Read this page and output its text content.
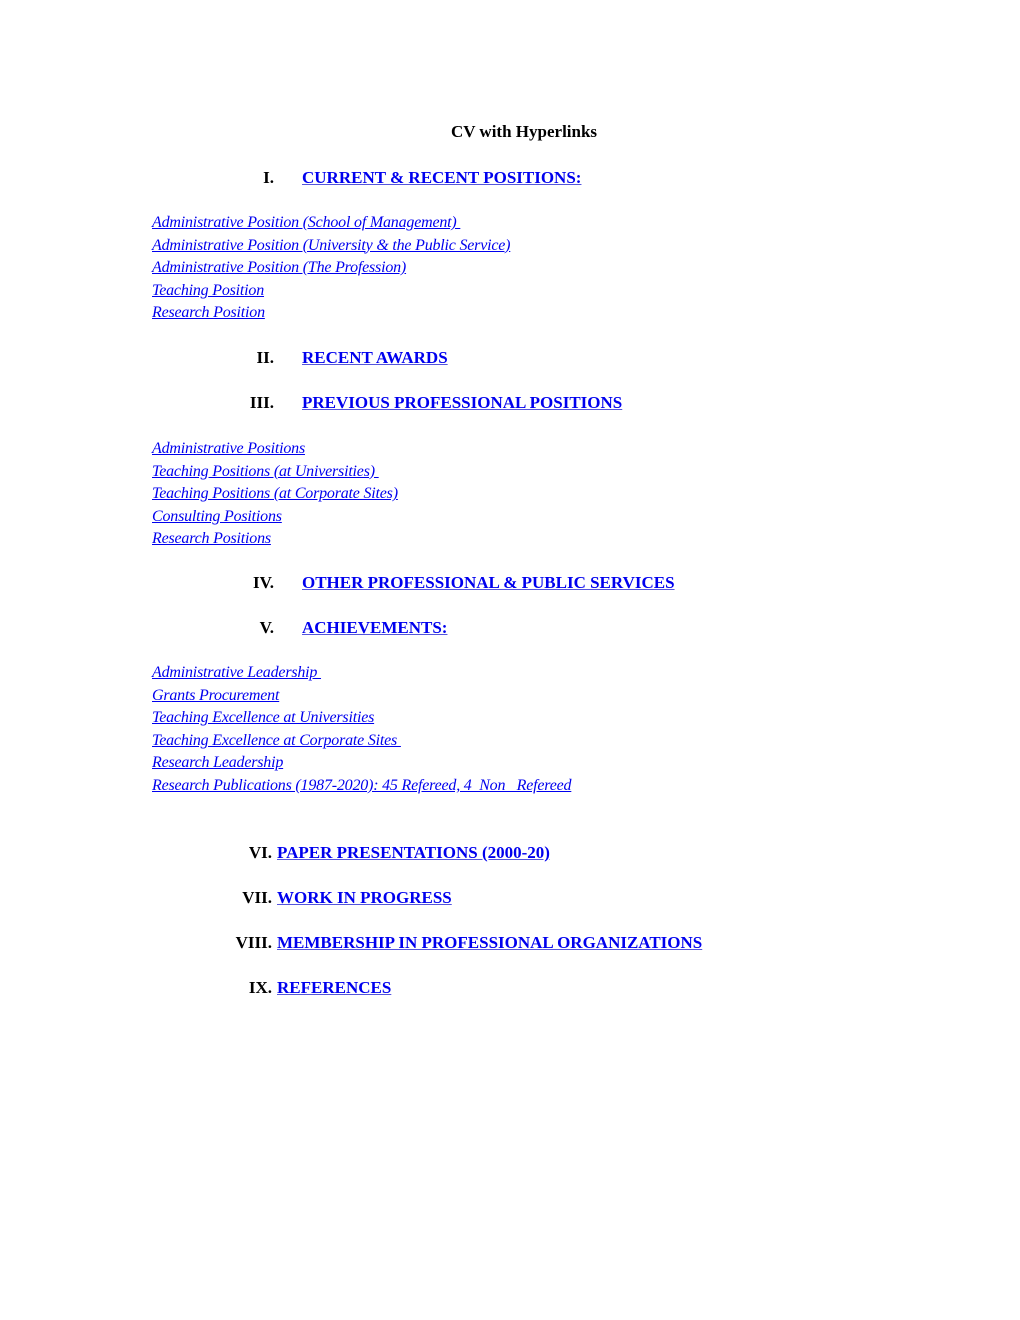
CV with Hyperlinks
I. CURRENT & RECENT POSITIONS:
Administrative Position (School of Management)
Administrative Position (University & the Public Service)
Administrative Position (The Profession)
Teaching Position
Research Position
II. RECENT AWARDS
III. PREVIOUS PROFESSIONAL POSITIONS
Administrative Positions
Teaching Positions (at Universities)
Teaching Positions (at Corporate Sites)
Consulting Positions
Research Positions
IV. OTHER PROFESSIONAL & PUBLIC SERVICES
V. ACHIEVEMENTS:
Administrative Leadership
Grants Procurement
Teaching Excellence at Universities
Teaching Excellence at Corporate Sites
Research Leadership
Research Publications (1987-2020): 45 Refereed, 4  Non   Refereed
VI. PAPER PRESENTATIONS (2000-20)
VII. WORK IN PROGRESS
VIII. MEMBERSHIP IN PROFESSIONAL ORGANIZATIONS
IX. REFERENCES
